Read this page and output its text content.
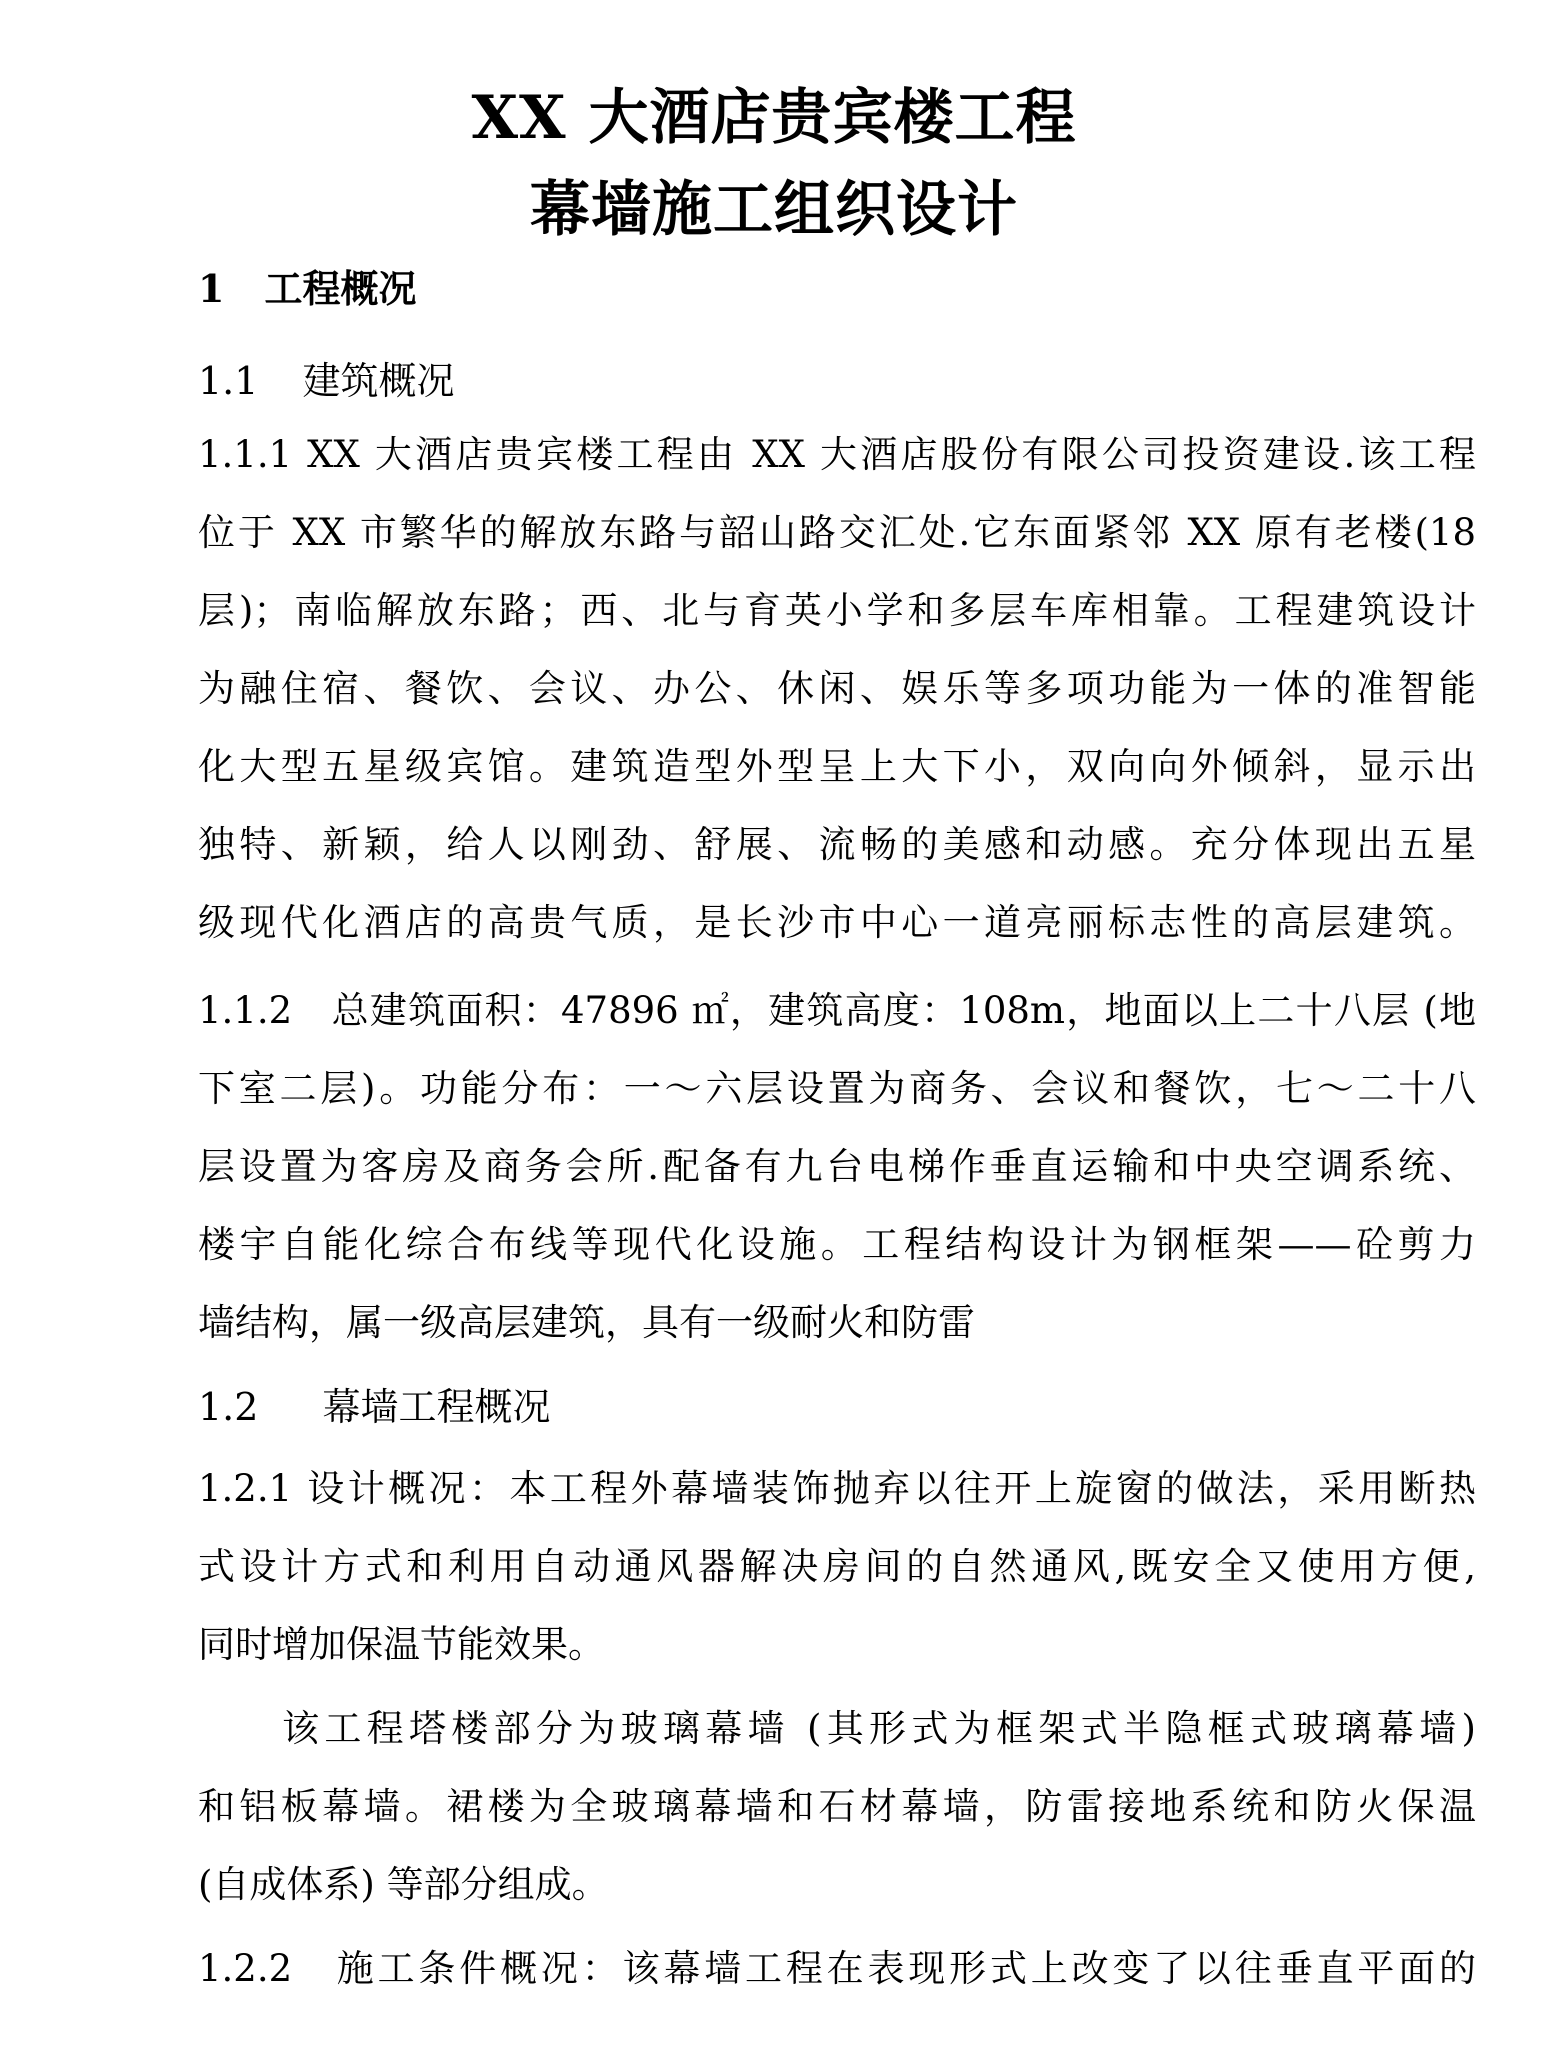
XX 大酒店贵宾楼工程
幕墙施工组织设计
1 工程概况
1.1 建筑概况
1.1.1 XX 大酒店贵宾楼工程由 XX 大酒店股份有限公司投资建设.该工程
位于 XX 市繁华的解放东路与韶山路交汇处.它东面紧邻 XX 原有老楼(18
层)；南临解放东路；西、北与育英小学和多层车库相靠。工程建筑设计
为融住宿、餐饮、会议、办公、休闲、娱乐等多项功能为一体的准智能
化大型五星级宾馆。建筑造型外型呈上大下小，双向向外倾斜，显示出
独特、新颖，给人以刚劲、舒展、流畅的美感和动感。充分体现出五星
级现代化酒店的高贵气质，是长沙市中心一道亮丽标志性的高层建筑。
1.1.2　总建筑面积：47896 ㎡，建筑高度：108m，地面以上二十八层 (地
下室二层)。功能分布：一～六层设置为商务、会议和餐饮，七～二十八
层设置为客房及商务会所.配备有九台电梯作垂直运输和中央空调系统、
楼宇自能化综合布线等现代化设施。工程结构设计为钢框架——砼剪力
墙结构，属一级高层建筑，具有一级耐火和防雷
1.2 幕墙工程概况
1.2.1 设计概况：本工程外幕墙装饰抛弃以往开上旋窗的做法，采用断热
式设计方式和利用自动通风器解决房间的自然通风,既安全又使用方便,
同时增加保温节能效果。
该工程塔楼部分为玻璃幕墙 (其形式为框架式半隐框式玻璃幕墙)
和铝板幕墙。裙楼为全玻璃幕墙和石材幕墙，防雷接地系统和防火保温
(自成体系) 等部分组成。
1.2.2　施工条件概况：该幕墙工程在表现形式上改变了以往垂直平面的
